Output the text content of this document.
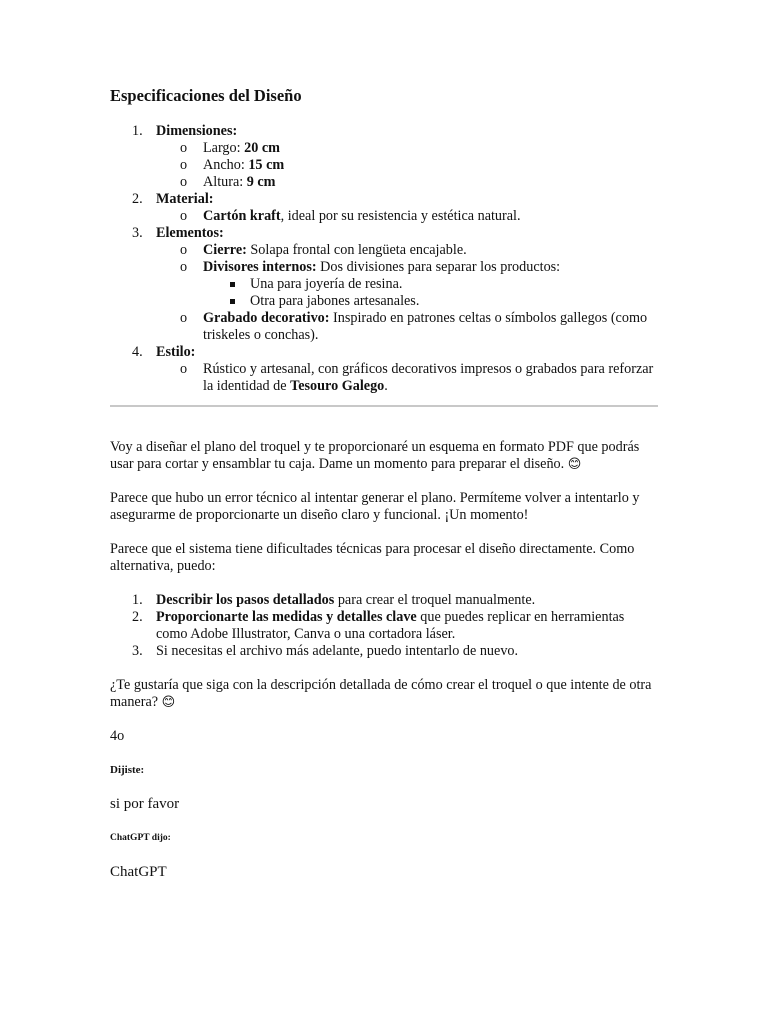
Especificaciones del Diseño
1. Dimensiones:
o Largo: 20 cm
o Ancho: 15 cm
o Altura: 9 cm
2. Material:
o Cartón kraft, ideal por su resistencia y estética natural.
3. Elementos:
o Cierre: Solapa frontal con lengüeta encajable.
o Divisores internos: Dos divisiones para separar los productos:
Una para joyería de resina.
Otra para jabones artesanales.
o Grabado decorativo: Inspirado en patrones celtas o símbolos gallegos (como triskeles o conchas).
4. Estilo:
o Rústico y artesanal, con gráficos decorativos impresos o grabados para reforzar la identidad de Tesouro Galego.

Voy a diseñar el plano del troquel y te proporcionaré un esquema en formato PDF que podrás usar para cortar y ensamblar tu caja. Dame un momento para preparar el diseño. 😊

Parece que hubo un error técnico al intentar generar el plano. Permíteme volver a intentarlo y asegurarme de proporcionarte un diseño claro y funcional. ¡Un momento!

Parece que el sistema tiene dificultades técnicas para procesar el diseño directamente. Como alternativa, puedo:

1. Describir los pasos detallados para crear el troquel manualmente.
2. Proporcionarte las medidas y detalles clave que puedes replicar en herramientas como Adobe Illustrator, Canva o una cortadora láser.
3. Si necesitas el archivo más adelante, puedo intentarlo de nuevo.

¿Te gustaría que siga con la descripción detallada de cómo crear el troquel o que intente de otra manera? 😊

4o

Dijiste:

si por favor

ChatGPT dijo:

ChatGPT
